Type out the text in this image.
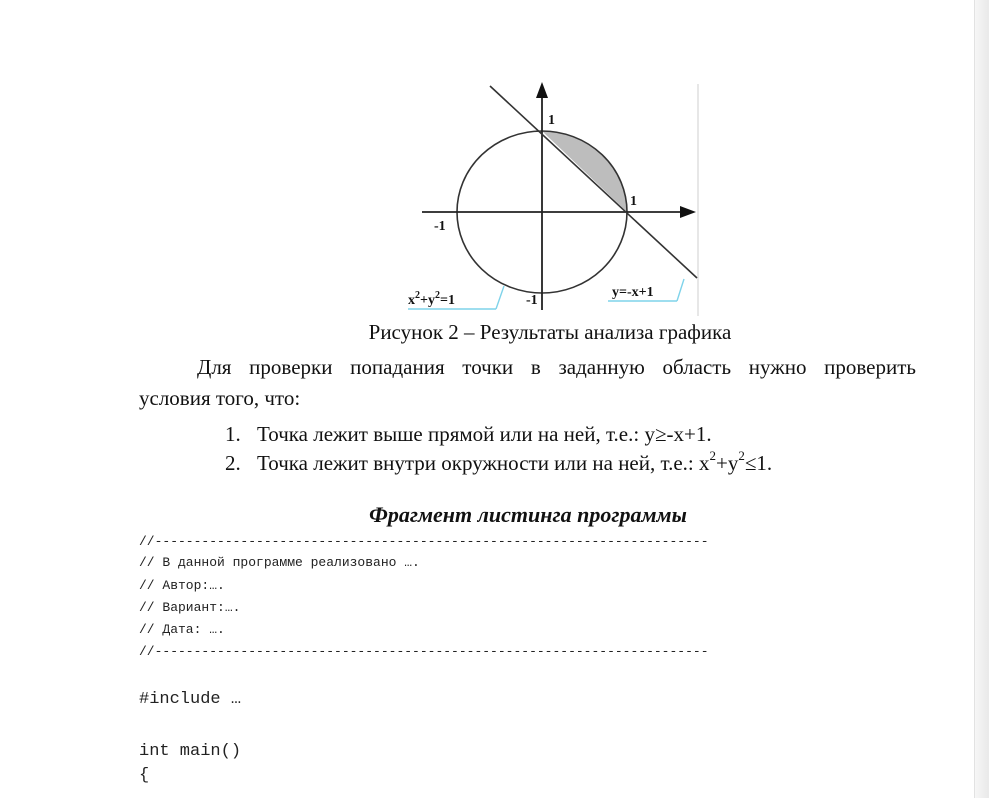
1
1
-1
-1
$x^2+y^2=1$
y=-x+1
Рисунок 2 – Результаты анализа графика
Для проверки попадания точки в заданную область нужно проверить
условия того, что:
1. Точка лежит выше прямой или на ней, т.е.: y≥-x+1.
2. Точка лежит внутри окружности или на ней, т.е.: $x^2+y^2\le 1$.
Фрагмент листинга программы
//-----------------------------------------------------------------------
// В данной программе реализовано ….
// Автор:….
// Вариант:….
// Дата: ….
//-----------------------------------------------------------------------
#include …
int main()
{
